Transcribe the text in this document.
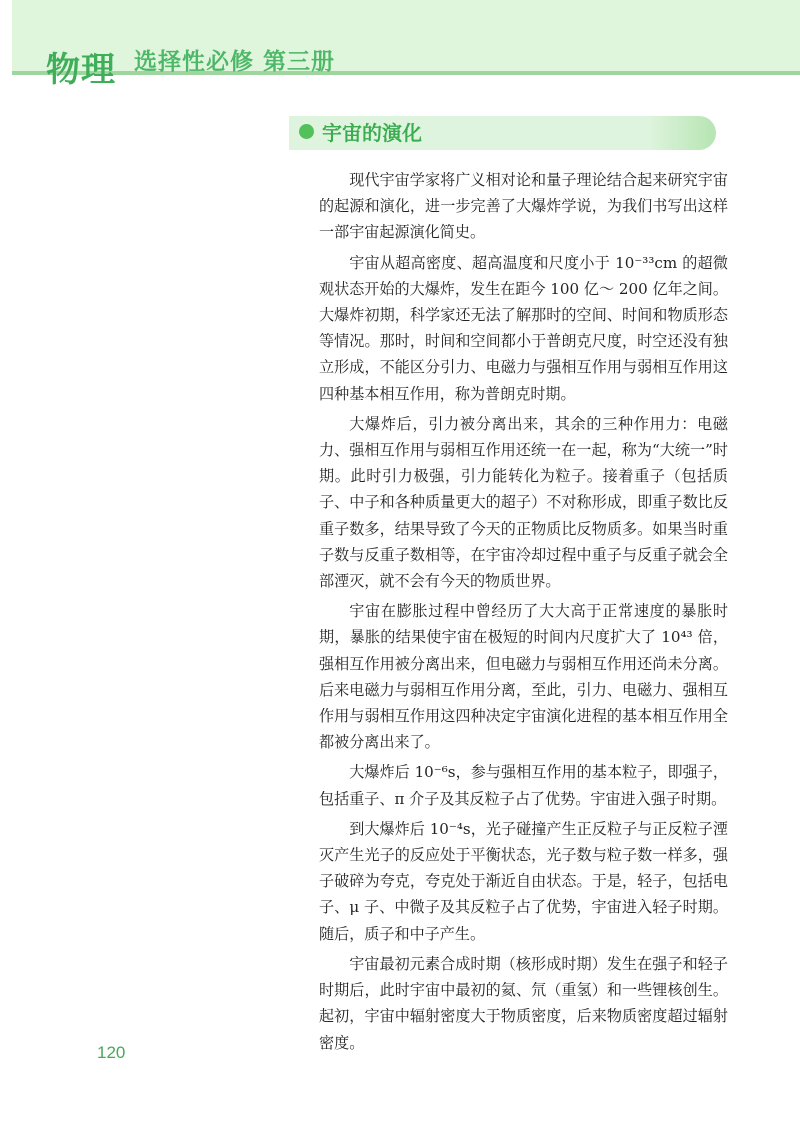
物理 选择性必修 第三册
宇宙的演化

现代宇宙学家将广义相对论和量子理论结合起来研究宇宙的起源和演化，进一步完善了大爆炸学说，为我们书写出这样一部宇宙起源演化简史。

宇宙从超高密度、超高温度和尺度小于 10⁻³³cm 的超微观状态开始的大爆炸，发生在距今 100 亿～ 200 亿年之间。大爆炸初期，科学家还无法了解那时的空间、时间和物质形态等情况。那时，时间和空间都小于普朗克尺度，时空还没有独立形成，不能区分引力、电磁力与强相互作用与弱相互作用这四种基本相互作用，称为普朗克时期。

大爆炸后，引力被分离出来，其余的三种作用力：电磁力、强相互作用与弱相互作用还统一在一起，称为“大统一”时期。此时引力极强，引力能转化为粒子。接着重子（包括质子、中子和各种质量更大的超子）不对称形成，即重子数比反重子数多，结果导致了今天的正物质比反物质多。如果当时重子数与反重子数相等，在宇宙冷却过程中重子与反重子就会全部湮灭，就不会有今天的物质世界。

宇宙在膨胀过程中曾经历了大大高于正常速度的暴胀时期，暴胀的结果使宇宙在极短的时间内尺度扩大了 10⁴³ 倍，强相互作用被分离出来，但电磁力与弱相互作用还尚未分离。后来电磁力与弱相互作用分离，至此，引力、电磁力、强相互作用与弱相互作用这四种决定宇宙演化进程的基本相互作用全都被分离出来了。

大爆炸后 10⁻⁶s，参与强相互作用的基本粒子，即强子，包括重子、π 介子及其反粒子占了优势。宇宙进入强子时期。

到大爆炸后 10⁻⁴s，光子碰撞产生正反粒子与正反粒子湮灭产生光子的反应处于平衡状态，光子数与粒子数一样多，强子破碎为夸克，夸克处于渐近自由状态。于是，轻子，包括电子、μ 子、中微子及其反粒子占了优势，宇宙进入轻子时期。随后，质子和中子产生。

宇宙最初元素合成时期（核形成时期）发生在强子和轻子时期后，此时宇宙中最初的氦、氘（重氢）和一些锂核创生。起初，宇宙中辐射密度大于物质密度，后来物质密度超过辐射密度。

120
